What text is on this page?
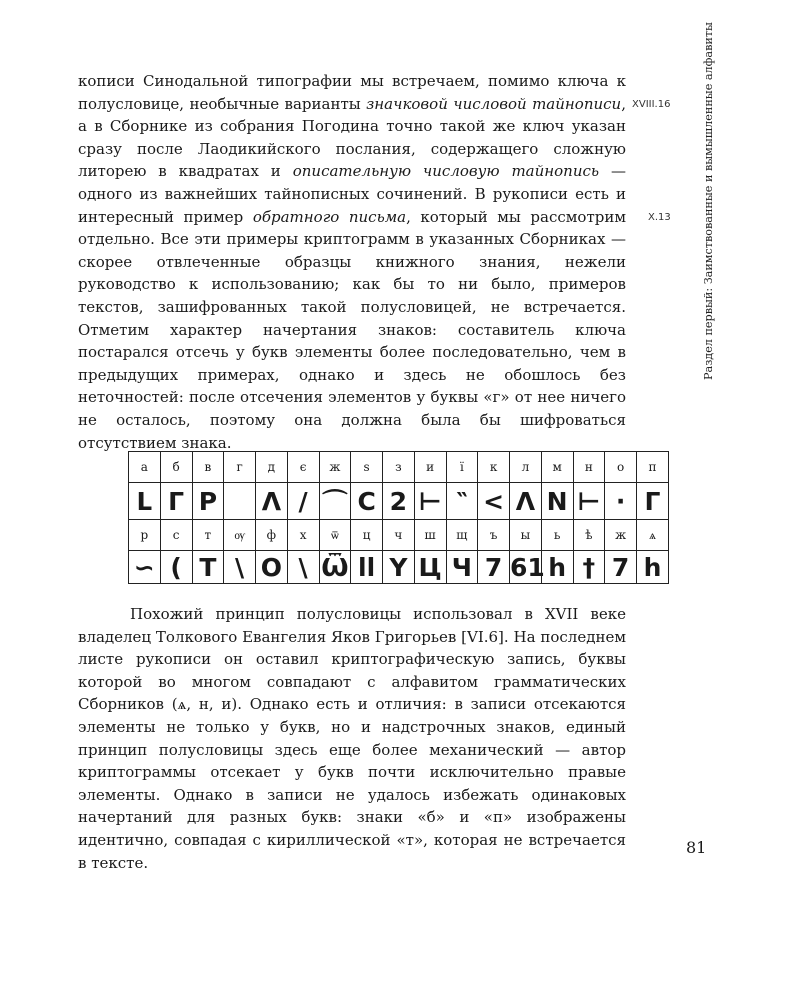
кописи Синодальной типографии мы встречаем, помимо ключа к полусловице, необычные варианты значковой числовой тайнописи, а в Сборнике из собрания Погодина точно такой же ключ указан сразу после Лаодикийского послания, содержащего сложную литорею в квадратах и описательную числовую тайнопись — одного из важнейших тайнописных сочинений. В рукописи есть и интересный пример обратного письма, который мы рассмотрим отдельно. Все эти примеры криптограмм в указанных Сборниках — скорее отвлеченные образцы книжного знания, нежели руководство к использованию; как бы то ни было, примеров текстов, зашифрованных такой полусловицей, не встречается. Отметим характер начертания знаков: составитель ключа постарался отсечь у букв элементы более последовательно, чем в предыдущих примерах, однако и здесь не обошлось без неточностей: после отсечения элементов у буквы «г» от нее ничего не осталось, поэтому она должна была бы шифроваться отсутствием знака.

XVIII.16
X.13	Раздел первый: Заимствованные и вымышленные алфавиты
а	б	в	г	д	є	ж	ѕ	з	и	ї	к	л	м	н	о	п
ᒪ	Г	Р		Λ	/	⌒	С	2	⊢	‶	<	ᐱ	N	⊢	·	Г
р	с	т	ѹ	ф	х	ѿ	ц	ч	ш	щ	ъ	ы	ь	ѣ	ж	ѧ
∽	(	Т	\	Ο	\	Ѿ	ll	Y	Ц	Ч	7	61	h	†	7	h

Похожий принцип полусловицы использовал в XVII веке владелец Толкового Евангелия Яков Григорьев [VI.6]. На последнем листе рукописи он оставил криптографическую запись, буквы которой во многом совпадают с алфавитом грамматических Сборников (ѧ, н, и). Однако есть и отличия: в записи отсекаются элементы не только у букв, но и надстрочных знаков, единый принцип полусловицы здесь еще более механический — автор криптограммы отсекает у букв почти исключительно правые элементы. Однако в записи не удалось избежать одинаковых начертаний для разных букв: знаки «б» и «п» изображены идентично, совпадая с кириллической «т», которая не встречается в тексте.

81
